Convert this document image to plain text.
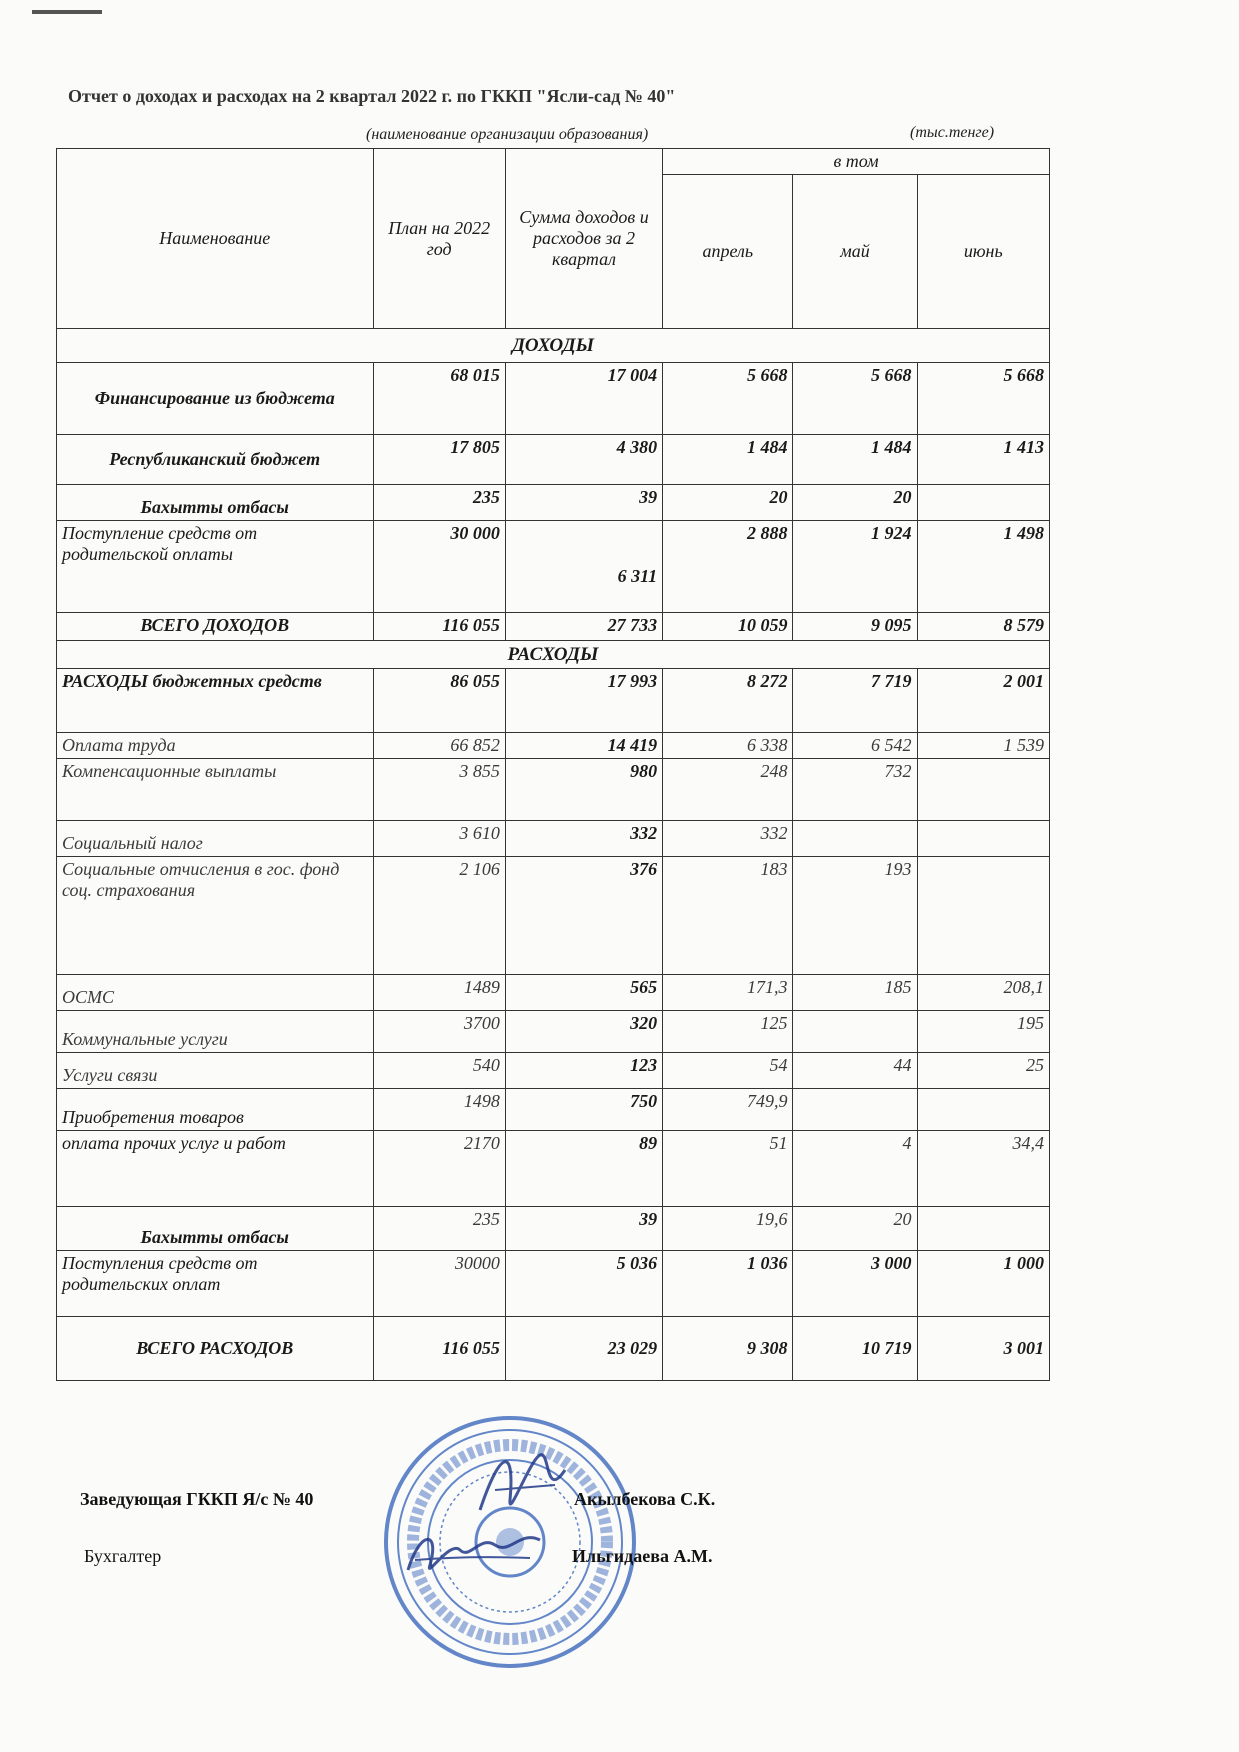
Отчет о доходах и расходах на 2 квартал 2022 г. по ГККП "Ясли-сад № 40"
(наименование организации образования)	(тыс.тенге)
Наименование	План на 2022 год	Сумма доходов и расходов за 2 квартал	в том		
			апрель	май	июнь
ДОХОДЫ					
Финансирование из бюджета	68 015	17 004	5 668	5 668	5 668
Республиканский бюджет	17 805	4 380	1 484	1 484	1 413
Бахытты отбасы	235	39	20	20	
Поступление средств от родительской оплаты	30 000	6 311	2 888	1 924	1 498
ВСЕГО ДОХОДОВ	116 055	27 733	10 059	9 095	8 579
РАСХОДЫ					
РАСХОДЫ бюджетных средств	86 055	17 993	8 272	7 719	2 001
Оплата труда	66 852	14 419	6 338	6 542	1 539
Компенсационные выплаты	3 855	980	248	732	
Социальный налог	3 610	332	332		
Социальные отчисления в гос. фонд соц. страхования	2 106	376	183	193	
ОСМС	1489	565	171,3	185	208,1
Коммунальные услуги	3700	320	125		195
Услуги связи	540	123	54	44	25
Приобретения товаров	1498	750	749,9		
оплата прочих услуг и работ	2170	89	51	4	34,4
Бахытты отбасы	235	39	19,6	20	
Поступления средств от родительских оплат	30000	5 036	1 036	3 000	1 000
ВСЕГО РАСХОДОВ	116 055	23 029	9 308	10 719	3 001
Заведующая ГККП Я/с № 40	Акылбекова С.К.
Бухгалтер	Ильгидаева А.М.
